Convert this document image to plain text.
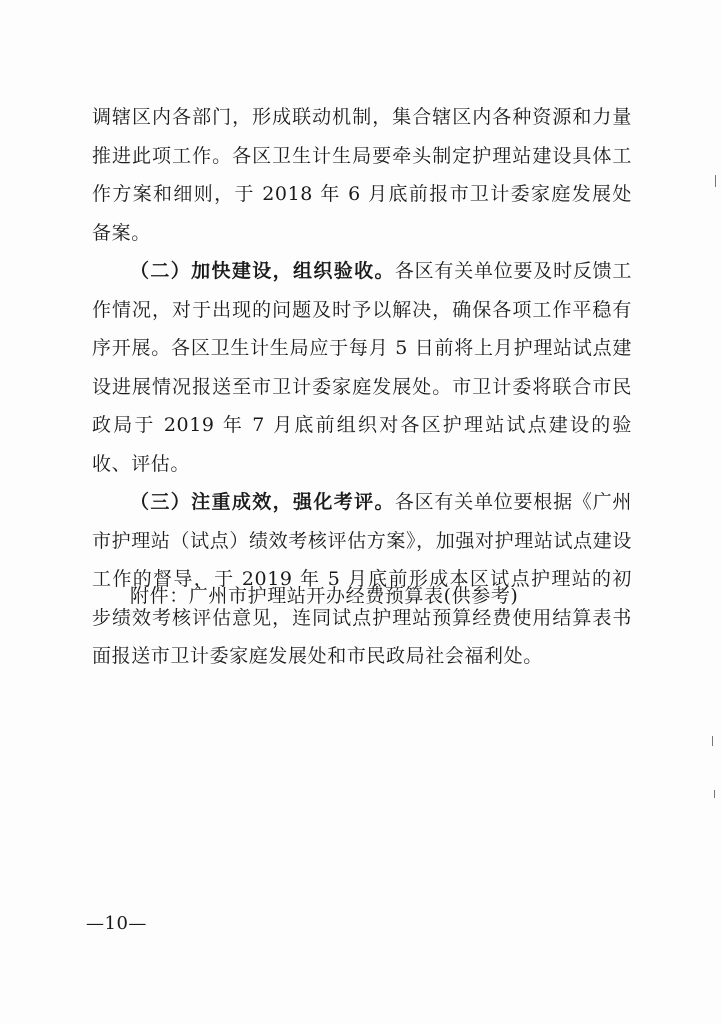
调辖区内各部门，形成联动机制，集合辖区内各种资源和力量推进此项工作。各区卫生计生局要牵头制定护理站建设具体工作方案和细则，于 2018 年 6 月底前报市卫计委家庭发展处备案。

（二）加快建设，组织验收。各区有关单位要及时反馈工作情况，对于出现的问题及时予以解决，确保各项工作平稳有序开展。各区卫生计生局应于每月 5 日前将上月护理站试点建设进展情况报送至市卫计委家庭发展处。市卫计委将联合市民政局于 2019 年 7 月底前组织对各区护理站试点建设的验收、评估。

（三）注重成效，强化考评。各区有关单位要根据《广州市护理站（试点）绩效考核评估方案》，加强对护理站试点建设工作的督导，于 2019 年 5 月底前形成本区试点护理站的初步绩效考核评估意见，连同试点护理站预算经费使用结算表书面报送市卫计委家庭发展处和市民政局社会福利处。

附件：广州市护理站开办经费预算表(供参考)
—10—
